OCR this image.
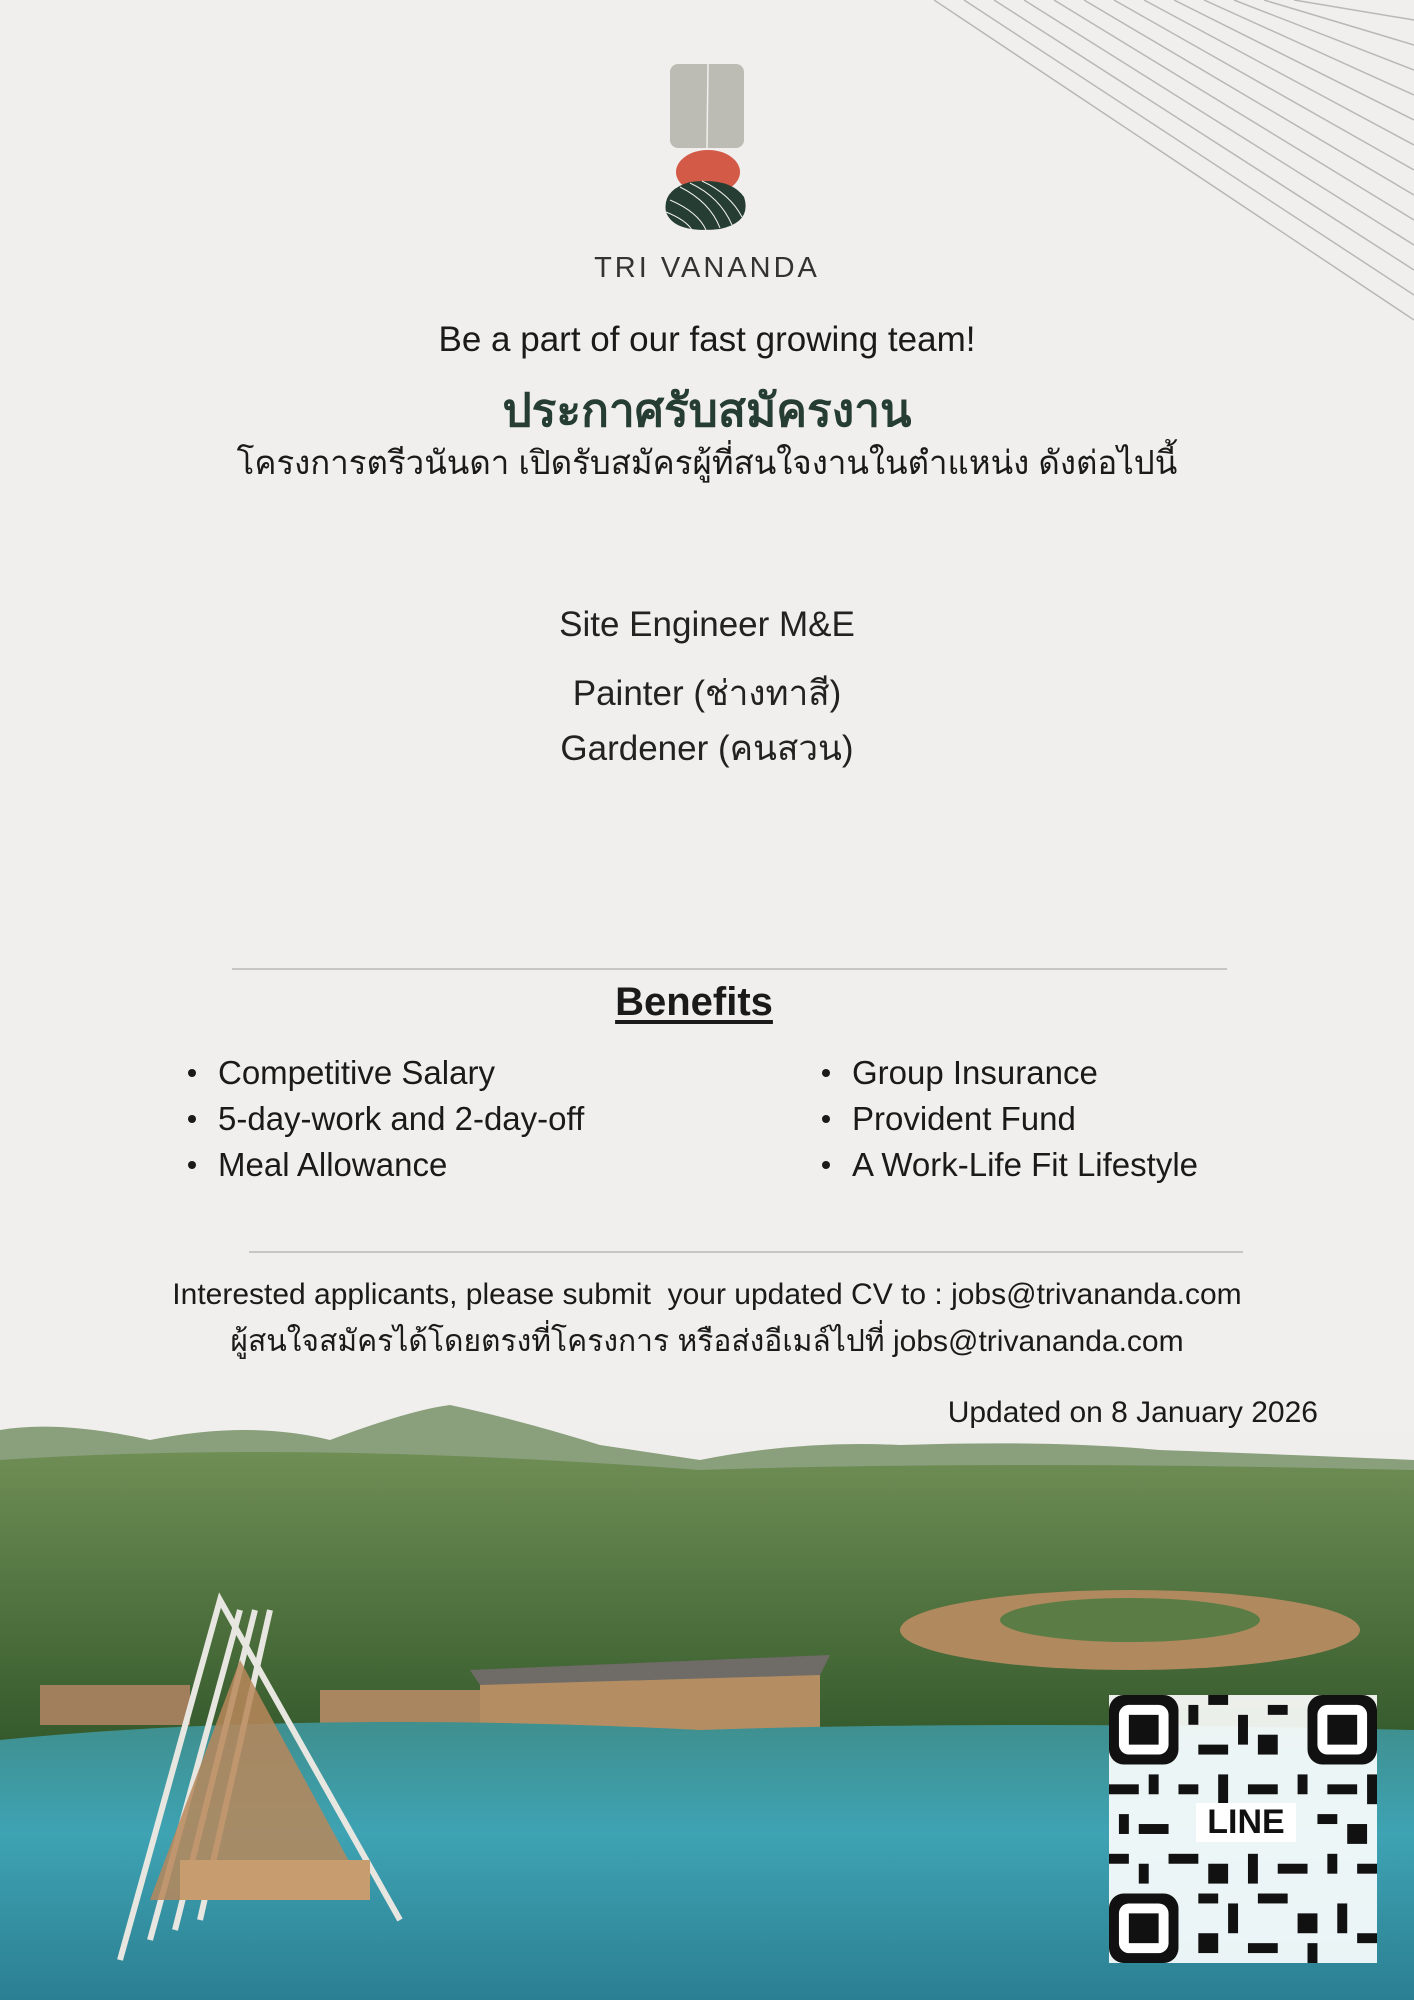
TRI VANANDA
Be a part of our fast growing team!
ประกาศรับสมัครงาน
โครงการตรีวนันดา เปิดรับสมัครผู้ที่สนใจงานในตำแหน่ง ดังต่อไปนี้
Site Engineer M&E
Painter (ช่างทาสี)
Gardener (คนสวน)
Benefits
Competitive Salary
5-day-work and 2-day-off
Meal Allowance
Group Insurance
Provident Fund
A Work-Life Fit Lifestyle
Interested applicants, please submit  your updated CV to : jobs@trivananda.com
ผู้สนใจสมัครได้โดยตรงที่โครงการ หรือส่งอีเมล์ไปที่ jobs@trivananda.com
Updated on 8 January 2026
LINE
